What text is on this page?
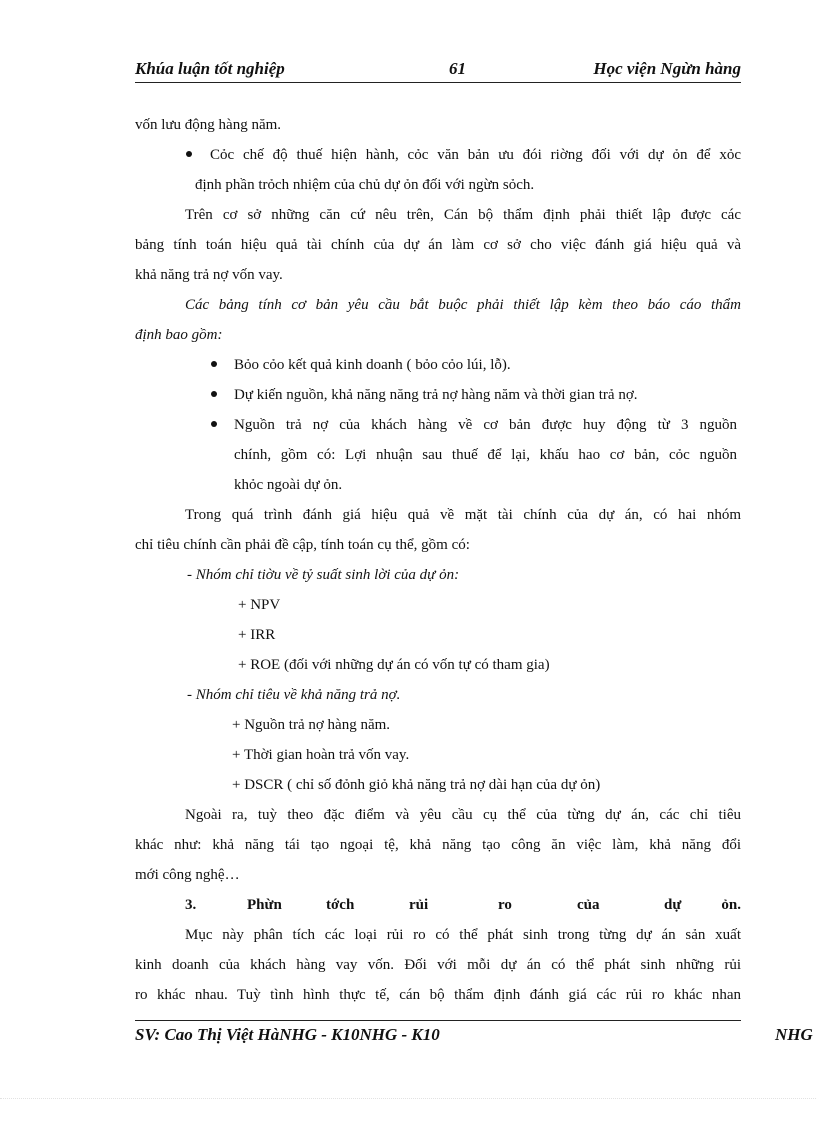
Khúa luận tốt nghiệp	61	Học viện Ngừn hàng
vốn lưu động hàng năm.
Cỏc chế độ thuế hiện hành, cỏc văn bản ưu đói riờng đối với dự ỏn để xỏc
định phần trỏch nhiệm của chủ dự ỏn đối với ngừn sỏch.
Trên cơ sở những căn cứ nêu trên, Cán bộ thẩm định phải thiết lập được các
bảng tính toán hiệu quả tài chính của dự án làm cơ sở cho việc đánh giá hiệu quả và
khả năng trả nợ vốn vay.
Các bảng tính cơ bản yêu cầu bắt buộc phải thiết lập kèm theo báo cáo thẩm
định bao gồm:
Bỏo cỏo kết quả kinh doanh ( bỏo cỏo lúi, lỗ).
Dự kiến nguồn, khả năng năng trả nợ hàng năm và thời gian trả nợ.
Nguồn trả nợ của khách hàng về cơ bản được huy động từ 3 nguồn
chính, gồm có: Lợi nhuận sau thuế để lại, khấu hao cơ bản, cỏc nguồn
khỏc ngoài dự ỏn.
Trong quá trình đánh giá hiệu quả về mặt tài chính của dự án, có hai nhóm
chỉ tiêu chính cần phải đề cập, tính toán cụ thể, gồm có:
- Nhóm chỉ tiờu về tỷ suất sinh lời của dự ỏn:
+ NPV
+ IRR
+ ROE (đối với những dự án có vốn tự có tham gia)
- Nhóm chỉ tiêu về khả năng trả nợ.
+ Nguồn trả nợ hàng năm.
+ Thời gian hoàn trả vốn vay.
+ DSCR ( chỉ số đỏnh giỏ khả năng trả nợ dài hạn của dự ỏn)
Ngoài ra, tuỳ theo đặc điểm và yêu cầu cụ thể của từng dự án, các chỉ tiêu
khác như: khả năng tái tạo ngoại tệ, khả năng tạo công ăn việc làm, khả năng đổi
mới công nghệ…
3.	Phừn	tớch	rủi	ro	của	dự	ỏn.
Mục này phân tích các loại rủi ro có thể phát sinh trong từng dự án sản xuất
kinh doanh của khách hàng vay vốn. Đối với mỗi dự án có thể phát sinh những rủi
ro khác nhau. Tuỳ tình hình thực tế, cán bộ thẩm định đánh giá các rủi ro khác nhan
SV: Cao Thị Việt HàNHG - K10NHG - K10	NHG
